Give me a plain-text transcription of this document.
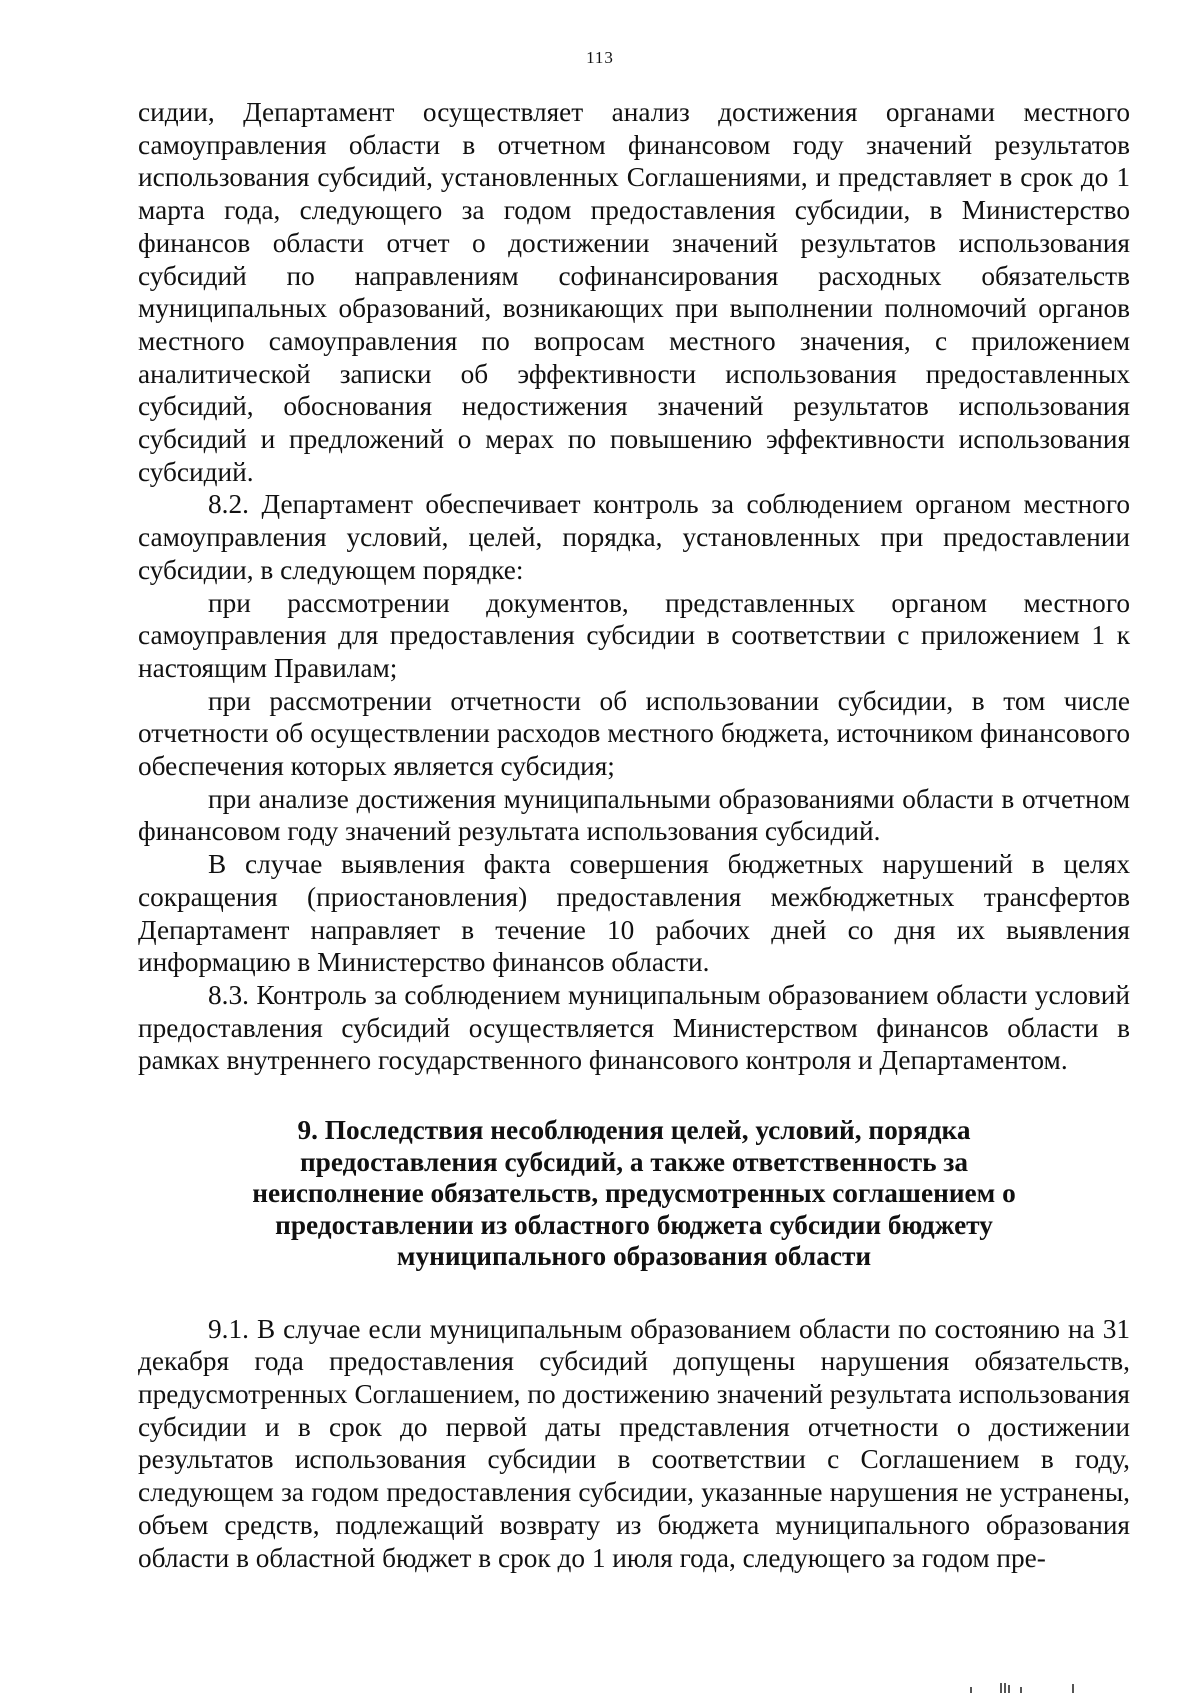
113

сидии, Департамент осуществляет анализ достижения органами местного самоуправления области в отчетном финансовом году значений результатов использования субсидий, установленных Соглашениями, и представляет в срок до 1 марта года, следующего за годом предоставления субсидии, в Министерство финансов области отчет о достижении значений результатов использования субсидий по направлениям софинансирования расходных обязательств муниципальных образований, возникающих при выполнении полномочий органов местного самоуправления по вопросам местного значения, с приложением аналитической записки об эффективности использования предоставленных субсидий, обоснования недостижения значений результатов использования субсидий и предложений о мерах по повышению эффективности использования субсидий.

8.2. Департамент обеспечивает контроль за соблюдением органом местного самоуправления условий, целей, порядка, установленных при предоставлении субсидии, в следующем порядке:

при рассмотрении документов, представленных органом местного самоуправления для предоставления субсидии в соответствии с приложением 1 к настоящим Правилам;

при рассмотрении отчетности об использовании субсидии, в том числе отчетности об осуществлении расходов местного бюджета, источником финансового обеспечения которых является субсидия;

при анализе достижения муниципальными образованиями области в отчетном финансовом году значений результата использования субсидий.

В случае выявления факта совершения бюджетных нарушений в целях сокращения (приостановления) предоставления межбюджетных трансфертов Департамент направляет в течение 10 рабочих дней со дня их выявления информацию в Министерство финансов области.

8.3. Контроль за соблюдением муниципальным образованием области условий предоставления субсидий осуществляется Министерством финансов области в рамках внутреннего государственного финансового контроля и Департаментом.

9. Последствия несоблюдения целей, условий, порядка предоставления субсидий, а также ответственность за неисполнение обязательств, предусмотренных соглашением о предоставлении из областного бюджета субсидии бюджету муниципального образования области

9.1. В случае если муниципальным образованием области по состоянию на 31 декабря года предоставления субсидий допущены нарушения обязательств, предусмотренных Соглашением, по достижению значений результата использования субсидии и в срок до первой даты представления отчетности о достижении результатов использования субсидии в соответствии с Соглашением в году, следующем за годом предоставления субсидии, указанные нарушения не устранены, объем средств, подлежащий возврату из бюджета муниципального образования области в областной бюджет в срок до 1 июля года, следующего за годом пре-
